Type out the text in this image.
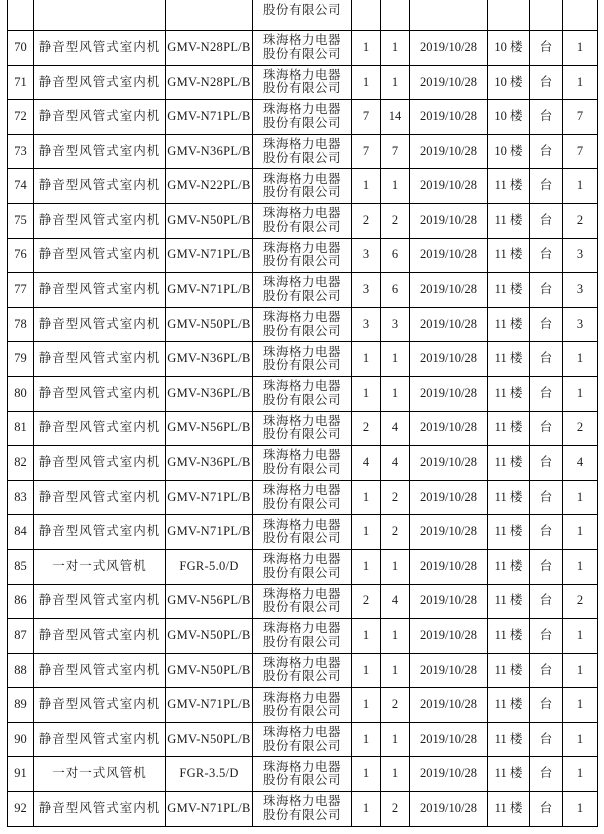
			股份有限公司						

70	静音型风管式室内机	GMV-N28PL/B	珠海格力电器
股份有限公司	1	1	2019/10/28	10 楼	台	1
71	静音型风管式室内机	GMV-N28PL/B	珠海格力电器
股份有限公司	1	1	2019/10/28	10 楼	台	1
72	静音型风管式室内机	GMV-N71PL/B	珠海格力电器
股份有限公司	7	14	2019/10/28	10 楼	台	7
73	静音型风管式室内机	GMV-N36PL/B	珠海格力电器
股份有限公司	7	7	2019/10/28	10 楼	台	7
74	静音型风管式室内机	GMV-N22PL/B	珠海格力电器
股份有限公司	1	1	2019/10/28	11 楼	台	1
75	静音型风管式室内机	GMV-N50PL/B	珠海格力电器
股份有限公司	2	2	2019/10/28	11 楼	台	2
76	静音型风管式室内机	GMV-N71PL/B	珠海格力电器
股份有限公司	3	6	2019/10/28	11 楼	台	3
77	静音型风管式室内机	GMV-N71PL/B	珠海格力电器
股份有限公司	3	6	2019/10/28	11 楼	台	3
78	静音型风管式室内机	GMV-N50PL/B	珠海格力电器
股份有限公司	3	3	2019/10/28	11 楼	台	3
79	静音型风管式室内机	GMV-N36PL/B	珠海格力电器
股份有限公司	1	1	2019/10/28	11 楼	台	1
80	静音型风管式室内机	GMV-N36PL/B	珠海格力电器
股份有限公司	1	1	2019/10/28	11 楼	台	1
81	静音型风管式室内机	GMV-N56PL/B	珠海格力电器
股份有限公司	2	4	2019/10/28	11 楼	台	2
82	静音型风管式室内机	GMV-N36PL/B	珠海格力电器
股份有限公司	4	4	2019/10/28	11 楼	台	4
83	静音型风管式室内机	GMV-N71PL/B	珠海格力电器
股份有限公司	1	2	2019/10/28	11 楼	台	1
84	静音型风管式室内机	GMV-N71PL/B	珠海格力电器
股份有限公司	1	2	2019/10/28	11 楼	台	1
85	一对一式风管机	FGR-5.0/D	珠海格力电器
股份有限公司	1	1	2019/10/28	11 楼	台	1
86	静音型风管式室内机	GMV-N56PL/B	珠海格力电器
股份有限公司	2	4	2019/10/28	11 楼	台	2
87	静音型风管式室内机	GMV-N50PL/B	珠海格力电器
股份有限公司	1	1	2019/10/28	11 楼	台	1
88	静音型风管式室内机	GMV-N50PL/B	珠海格力电器
股份有限公司	1	1	2019/10/28	11 楼	台	1
89	静音型风管式室内机	GMV-N71PL/B	珠海格力电器
股份有限公司	1	2	2019/10/28	11 楼	台	1
90	静音型风管式室内机	GMV-N50PL/B	珠海格力电器
股份有限公司	1	1	2019/10/28	11 楼	台	1
91	一对一式风管机	FGR-3.5/D	珠海格力电器
股份有限公司	1	1	2019/10/28	11 楼	台	1
92	静音型风管式室内机	GMV-N71PL/B	珠海格力电器
股份有限公司	1	2	2019/10/28	11 楼	台	1
